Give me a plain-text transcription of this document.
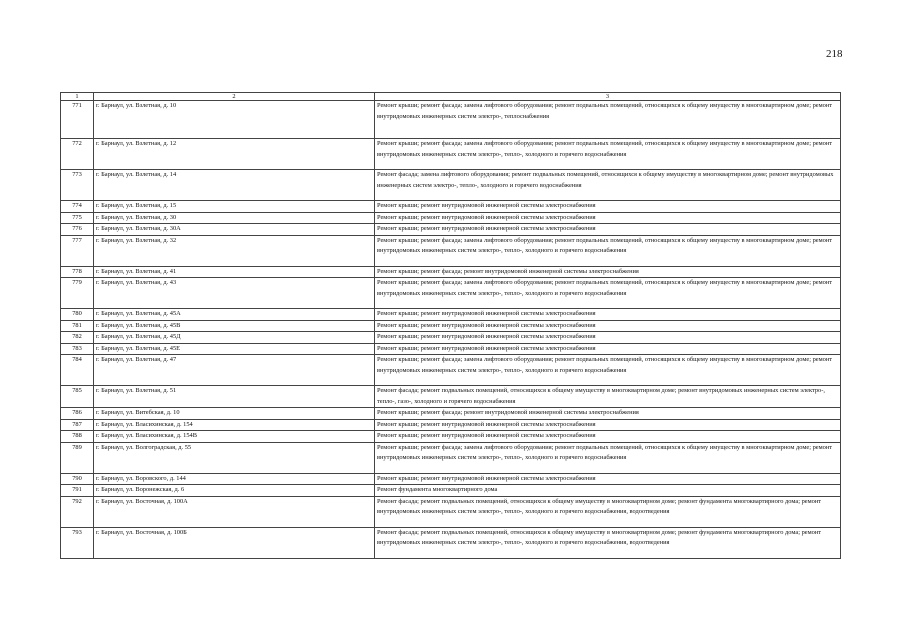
218
1	2	3
771	г. Барнаул, ул. Взлетная, д. 10	Ремонт крыши; ремонт фасада; замена лифтового оборудования; ремонт подвальных помещений, относящихся к общему имуществу в многоквартирном доме; ремонт внутридомовых инженерных систем электро-, теплоснабжения
772	г. Барнаул, ул. Взлетная, д. 12	Ремонт крыши; ремонт фасада; замена лифтового оборудования; ремонт подвальных помещений, относящихся к общему имуществу в многоквартирном доме; ремонт внутридомовых инженерных систем электро-, тепло-, холодного и горячего водоснабжения
773	г. Барнаул, ул. Взлетная, д. 14	Ремонт фасада; замена лифтового оборудования; ремонт подвальных помещений, относящихся к общему имуществу в многоквартирном доме; ремонт внутридомовых инженерных систем электро-, тепло-, холодного и горячего водоснабжения
774	г. Барнаул, ул. Взлетная, д. 15	Ремонт крыши; ремонт внутридомовой инженерной системы электроснабжения
775	г. Барнаул, ул. Взлетная, д. 30	Ремонт крыши; ремонт внутридомовой инженерной системы электроснабжения
776	г. Барнаул, ул. Взлетная, д. 30А	Ремонт крыши; ремонт внутридомовой инженерной системы электроснабжения
777	г. Барнаул, ул. Взлетная, д. 32	Ремонт крыши; ремонт фасада; замена лифтового оборудования; ремонт подвальных помещений, относящихся к общему имуществу в многоквартирном доме; ремонт внутридомовых инженерных систем электро-, тепло-, холодного и горячего водоснабжения
778	г. Барнаул, ул. Взлетная, д. 41	Ремонт крыши; ремонт фасада; ремонт внутридомовой инженерной системы электроснабжения
779	г. Барнаул, ул. Взлетная, д. 43	Ремонт крыши; ремонт фасада; замена лифтового оборудования; ремонт подвальных помещений, относящихся к общему имуществу в многоквартирном доме; ремонт внутридомовых инженерных систем электро-, тепло-, холодного и горячего водоснабжения
780	г. Барнаул, ул. Взлетная, д. 45А	Ремонт крыши; ремонт внутридомовой инженерной системы электроснабжения
781	г. Барнаул, ул. Взлетная, д. 45В	Ремонт крыши; ремонт внутридомовой инженерной системы электроснабжения
782	г. Барнаул, ул. Взлетная, д. 45Д	Ремонт крыши; ремонт внутридомовой инженерной системы электроснабжения
783	г. Барнаул, ул. Взлетная, д. 45Е	Ремонт крыши; ремонт внутридомовой инженерной системы электроснабжения
784	г. Барнаул, ул. Взлетная, д. 47	Ремонт крыши; ремонт фасада; замена лифтового оборудования; ремонт подвальных помещений, относящихся к общему имуществу в многоквартирном доме; ремонт внутридомовых инженерных систем электро-, тепло-, холодного и горячего водоснабжения
785	г. Барнаул, ул. Взлетная, д. 51	Ремонт фасада; ремонт подвальных помещений, относящихся к общему имуществу в многоквартирном доме; ремонт внутридомовых инженерных систем электро-, тепло-, газо-, холодного и горячего водоснабжения
786	г. Барнаул, ул. Витебская, д. 10	Ремонт крыши; ремонт фасада; ремонт внутридомовой инженерной системы электроснабжения
787	г. Барнаул, ул. Власихинская, д. 154	Ремонт крыши; ремонт внутридомовой инженерной системы электроснабжения
788	г. Барнаул, ул. Власихинская, д. 154В	Ремонт крыши; ремонт внутридомовой инженерной системы электроснабжения
789	г. Барнаул, ул. Волгоградская, д. 55	Ремонт крыши; ремонт фасада; замена лифтового оборудования; ремонт подвальных помещений, относящихся к общему имуществу в многоквартирном доме; ремонт внутридомовых инженерных систем электро-, тепло-, холодного и горячего водоснабжения
790	г. Барнаул, ул. Воровского, д. 144	Ремонт крыши; ремонт внутридомовой инженерной системы электроснабжения
791	г. Барнаул, ул. Воронежская, д. 6	Ремонт фундамента многоквартирного дома
792	г. Барнаул, ул. Восточная, д. 100А	Ремонт фасада; ремонт подвальных помещений, относящихся к общему имуществу в многоквартирном доме; ремонт фундамента многоквартирного дома; ремонт внутридомовых инженерных систем электро-, тепло-, холодного и горячего водоснабжения, водоотведения
793	г. Барнаул, ул. Восточная, д. 100Б	Ремонт фасада; ремонт подвальных помещений, относящихся к общему имуществу в многоквартирном доме; ремонт фундамента многоквартирного дома; ремонт внутридомовых инженерных систем электро-, тепло-, холодного и горячего водоснабжения, водоотведения
